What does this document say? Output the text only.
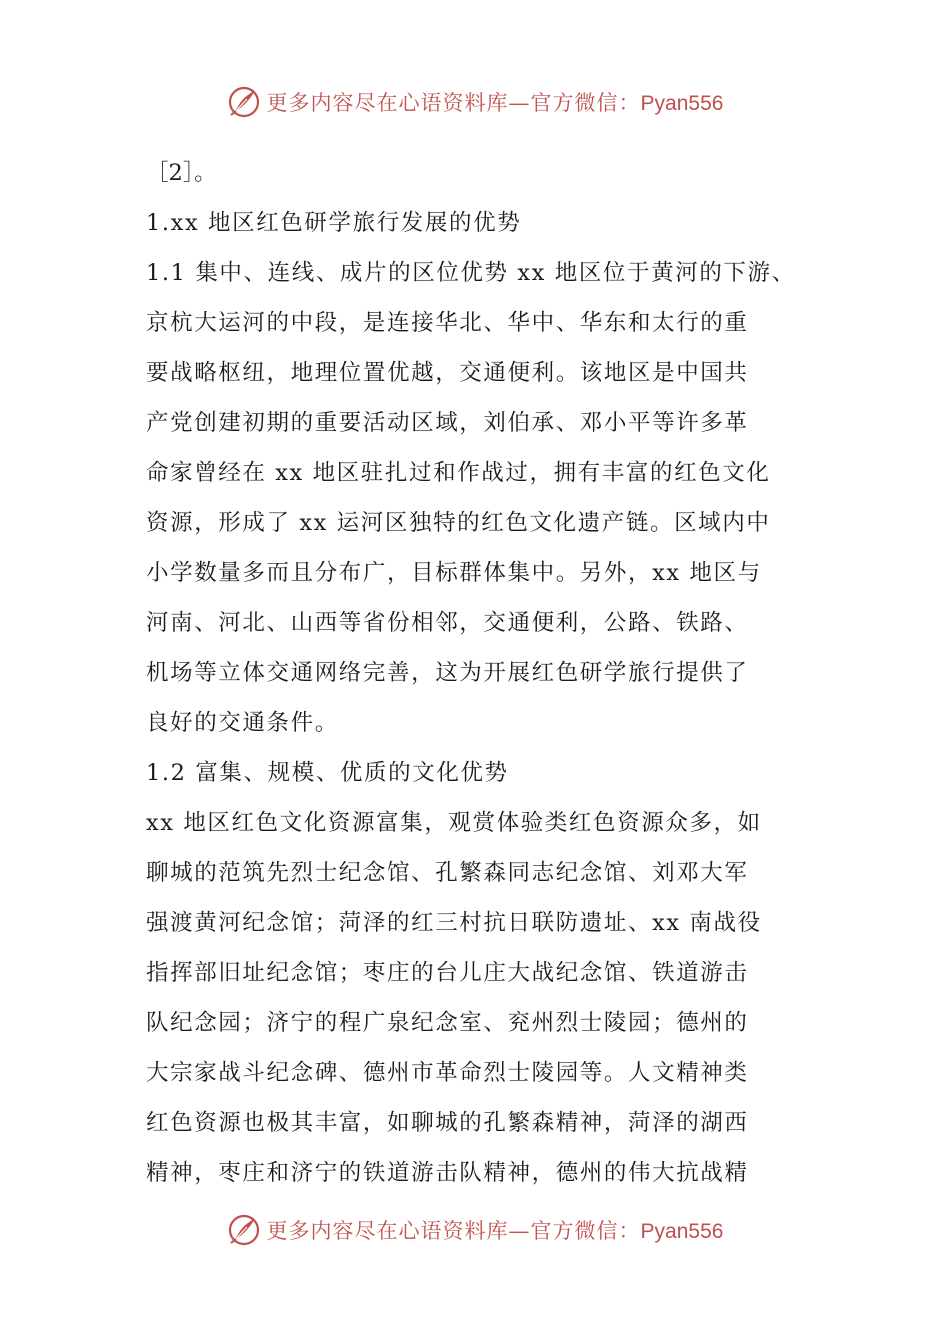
更多内容尽在心语资料库—官方微信：Pyan556
［2］。
1.xx 地区红色研学旅行发展的优势
1.1 集中、连线、成片的区位优势 xx 地区位于黄河的下游、
京杭大运河的中段，是连接华北、华中、华东和太行的重
要战略枢纽，地理位置优越，交通便利。该地区是中国共
产党创建初期的重要活动区域，刘伯承、邓小平等许多革
命家曾经在 xx 地区驻扎过和作战过，拥有丰富的红色文化
资源，形成了 xx 运河区独特的红色文化遗产链。区域内中
小学数量多而且分布广，目标群体集中。另外，xx 地区与
河南、河北、山西等省份相邻，交通便利，公路、铁路、
机场等立体交通网络完善，这为开展红色研学旅行提供了
良好的交通条件。
1.2 富集、规模、优质的文化优势
xx 地区红色文化资源富集，观赏体验类红色资源众多，如
聊城的范筑先烈士纪念馆、孔繁森同志纪念馆、刘邓大军
强渡黄河纪念馆；菏泽的红三村抗日联防遗址、xx 南战役
指挥部旧址纪念馆；枣庄的台儿庄大战纪念馆、铁道游击
队纪念园；济宁的程广泉纪念室、兖州烈士陵园；德州的
大宗家战斗纪念碑、德州市革命烈士陵园等。人文精神类
红色资源也极其丰富，如聊城的孔繁森精神，菏泽的湖西
精神，枣庄和济宁的铁道游击队精神，德州的伟大抗战精
更多内容尽在心语资料库—官方微信：Pyan556
